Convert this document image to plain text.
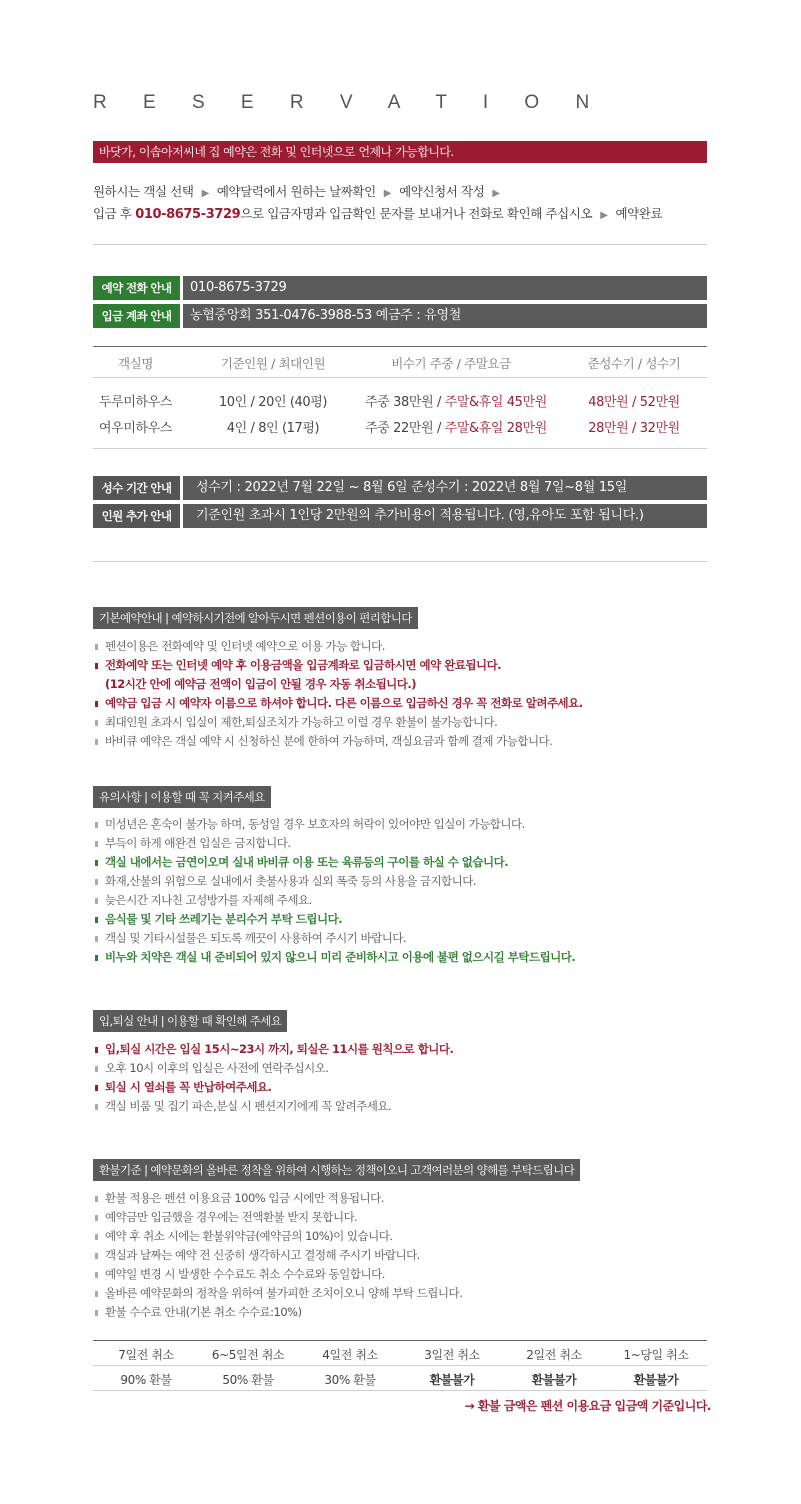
R E S E R V A T I O N
바닷가, 이솝아저씨네 집 예약은 전화 및 인터넷으로 언제나 가능합니다.
원하시는 객실 선택 ▶ 예약달력에서 원하는 날짜확인 ▶ 예약신청서 작성 ▶
입금 후 010-8675-3729으로 입금자명과 입금확인 문자를 보내거나 전화로 확인해 주십시오 ▶ 예약완료
예약 전화 안내	010-8675-3729
입금 계좌 안내	농협중앙회 351-0476-3988-53 예금주 : 유영철
객실명	기준인원 / 최대인원	비수기 주중 / 주말요금	준성수기 / 성수기
두루미하우스	10인 / 20인 (40평)	주중 38만원 / 주말&휴일 45만원	48만원 / 52만원
여우미하우스	4인 / 8인 (17평)	주중 22만원 / 주말&휴일 28만원	28만원 / 32만원
성수 기간 안내	성수기 : 2022년 7월 22일 ~ 8월 6일 준성수기 : 2022년 8월 7일~8월 15일
인원 추가 안내	기준인원 초과시 1인당 2만원의 추가비용이 적용됩니다. (영,유아도 포함 됩니다.)
기본예약안내 | 예약하시기전에 알아두시면 펜션이용이 편리합니다
펜션이용은 전화예약 및 인터넷 예약으로 이용 가능 합니다.
전화예약 또는 인터넷 예약 후 이용금액을 입금계좌로 입금하시면 예약 완료됩니다.
(12시간 안에 예약금 전액이 입금이 안될 경우 자동 취소됩니다.)
예약금 입금 시 예약자 이름으로 하셔야 합니다. 다른 이름으로 입금하신 경우 꼭 전화로 알려주세요.
최대인원 초과시 입실이 제한,퇴실조치가 가능하고 이럴 경우 환불이 불가능합니다.
바비큐 예약은 객실 예약 시 신청하신 분에 한하여 가능하며, 객실요금과 함께 결제 가능합니다.
유의사항 | 이용할 때 꼭 지켜주세요
미성년은 혼숙이 불가능 하며, 동성일 경우 보호자의 허락이 있어야만 입실이 가능합니다.
부득이 하게 애완견 입실은 금지합니다.
객실 내에서는 금연이오며 실내 바비큐 이용 또는 육류등의 구이를 하실 수 없습니다.
화재,산불의 위험으로 실내에서 촛불사용과 실외 폭죽 등의 사용을 금지합니다.
늦은시간 지나친 고성방가를 자제해 주세요.
음식물 및 기타 쓰레기는 분리수거 부탁 드립니다.
객실 및 기타시설물은 되도록 깨끗이 사용하여 주시기 바랍니다.
비누와 치약은 객실 내 준비되어 있지 않으니 미리 준비하시고 이용에 불편 없으시길 부탁드립니다.
입,퇴실 안내 | 이용할 때 확인해 주세요
입,퇴실 시간은 입실 15시~23시 까지, 퇴실은 11시를 원칙으로 합니다.
오후 10시 이후의 입실은 사전에 연락주십시오.
퇴실 시 열쇠를 꼭 반납하여주세요.
객실 비품 및 집기 파손,분실 시 펜션지기에게 꼭 알려주세요.
환불기준 | 예약문화의 올바른 정착을 위하여 시행하는 정책이오니 고객여러분의 양해를 부탁드립니다
환불 적용은 펜션 이용요금 100% 입금 시에만 적용됩니다.
예약금만 입금했을 경우에는 전액환불 받지 못합니다.
예약 후 취소 시에는 환불위약금(예약금의 10%)이 있습니다.
객실과 날짜는 예약 전 신중히 생각하시고 결정해 주시기 바랍니다.
예약일 변경 시 발생한 수수료도 취소 수수료와 동일합니다.
올바른 예약문화의 정착을 위하여 불가피한 조치이오니 양해 부탁 드립니다.
환불 수수료 안내(기본 취소 수수료:10%)
7일전 취소	6~5일전 취소	4일전 취소	3일전 취소	2일전 취소	1~당일 취소
90% 환불	50% 환불	30% 환불	환불불가	환불불가	환불불가
→ 환불 금액은 펜션 이용요금 입금액 기준입니다.
